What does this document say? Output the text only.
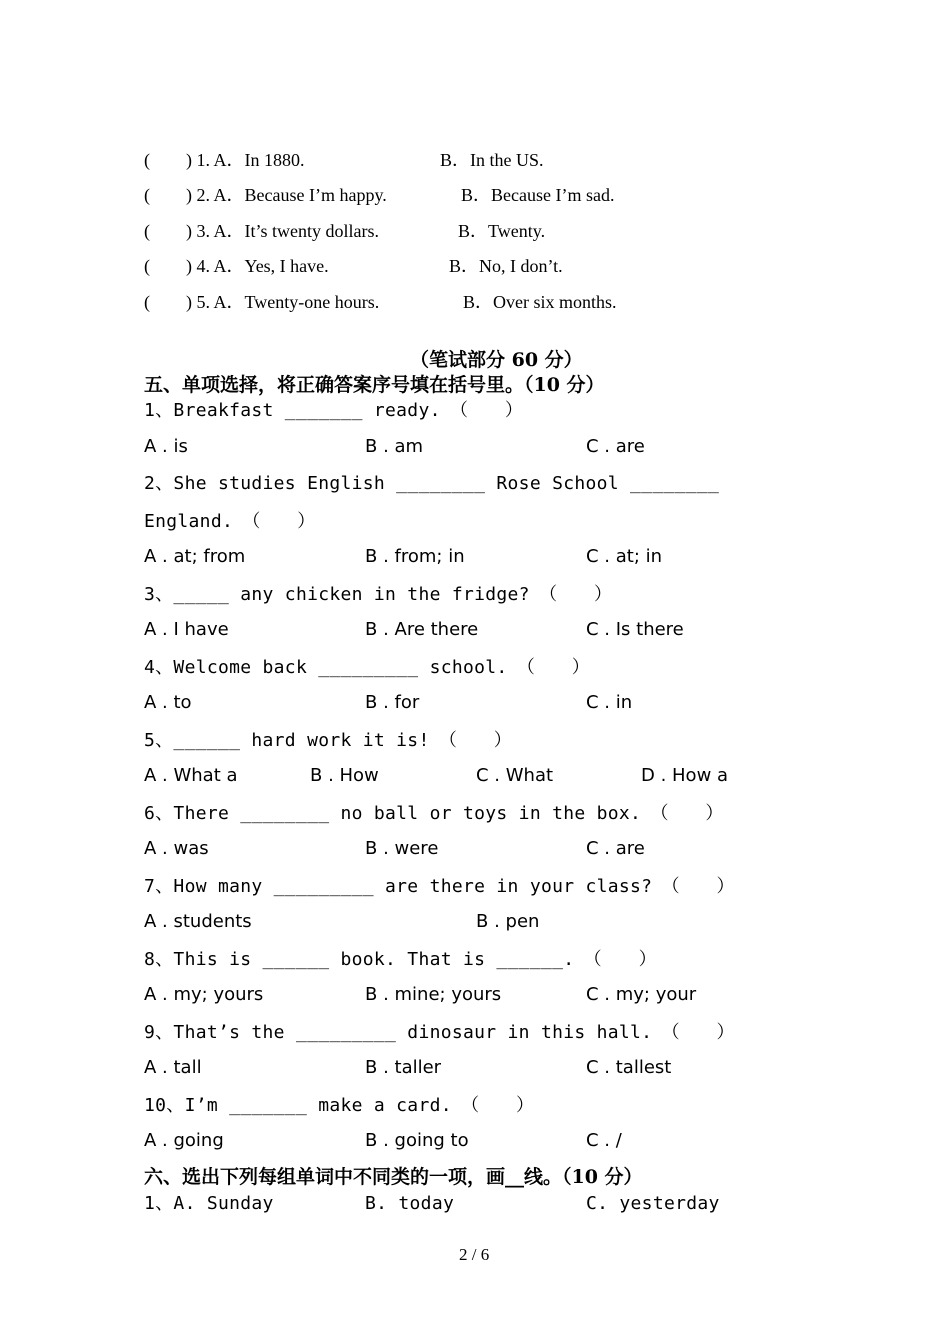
(　　) 1. A．In 1880.	B．In the US.
(　　) 2. A．Because I’m happy.	B．Because I’m sad.
(　　) 3. A．It’s twenty dollars.	B．Twenty.
(　　) 4. A．Yes, I have.	B．No, I don’t.
(　　) 5. A．Twenty-one hours.	B．Over six months.
（笔试部分 60 分）
五、单项选择，将正确答案序号填在括号里。（10 分）
1、Breakfast _______ ready.　（　　）
A . is	B . am	C . are
2、She studies English ________ Rose School ________
England.　（　　）
A . at; from	B . from; in	C . at; in
3、_____ any chicken in the fridge?　（　　）
A . I have	B . Are there	C . Is there
4、Welcome back _________ school.　（　　）
A . to	B . for	C . in
5、______ hard work it is!　（　　）
A . What a	B . How	C . What	D . How a
6、There ________ no ball or toys in the box.　（　　）
A . was	B . were	C . are
7、How many _________ are there in your class?　（　　）
A . students	B . pen
8、This is ______ book. That is ______.　（　　）
A . my; yours	B . mine; yours	C . my; your
9、That’s the _________ dinosaur in this hall.　（　　）
A . tall	B . taller	C . tallest
10、I’m _______ make a card.　（　　）
A . going	B . going to	C . /
六、选出下列每组单词中不同类的一项，画__线。（10 分）
1、A. Sunday	B. today	C. yesterday
2 / 6
